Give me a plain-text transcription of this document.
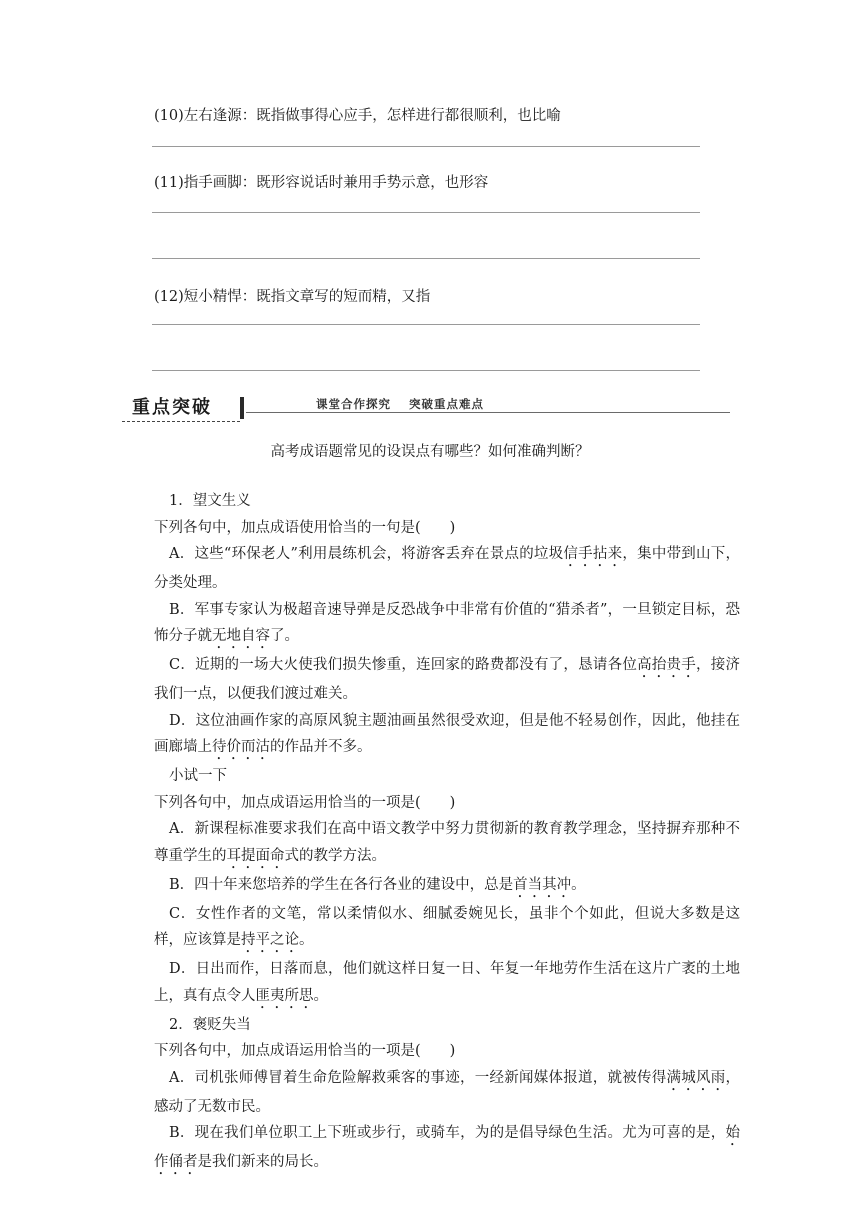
(10)左右逢源：既指做事得心应手，怎样进行都很顺利，也比喻
(11)指手画脚：既形容说话时兼用手势示意，也形容
(12)短小精悍：既指文章写的短而精，又指
重点突破	课堂合作探究 突破重点难点
高考成语题常见的设误点有哪些？如何准确判断？

1．望文生义

下列各句中，加点成语使用恰当的一句是(　　)

A．这些“环保老人”利用晨练机会，将游客丢弃在景点的垃圾信手拈来，集中带到山下，分类处理。

B．军事专家认为极超音速导弹是反恐战争中非常有价值的“猎杀者”，一旦锁定目标，恐怖分子就无地自容了。

C．近期的一场大火使我们损失惨重，连回家的路费都没有了，恳请各位高抬贵手，接济我们一点，以便我们渡过难关。

D．这位油画作家的高原风貌主题油画虽然很受欢迎，但是他不轻易创作，因此，他挂在画廊墙上待价而沽的作品并不多。

小试一下

下列各句中，加点成语运用恰当的一项是(　　)

A．新课程标准要求我们在高中语文教学中努力贯彻新的教育教学理念，坚持摒弃那种不尊重学生的耳提面命式的教学方法。

B．四十年来您培养的学生在各行各业的建设中，总是首当其冲。

C．女性作者的文笔，常以柔情似水、细腻委婉见长，虽非个个如此，但说大多数是这样，应该算是持平之论。

D．日出而作，日落而息，他们就这样日复一日、年复一年地劳作生活在这片广袤的土地上，真有点令人匪夷所思。

2．褒贬失当

下列各句中，加点成语运用恰当的一项是(　　)

A．司机张师傅冒着生命危险解救乘客的事迹，一经新闻媒体报道，就被传得满城风雨，感动了无数市民。

B．现在我们单位职工上下班或步行，或骑车，为的是倡导绿色生活。尤为可喜的是，始作俑者是我们新来的局长。
